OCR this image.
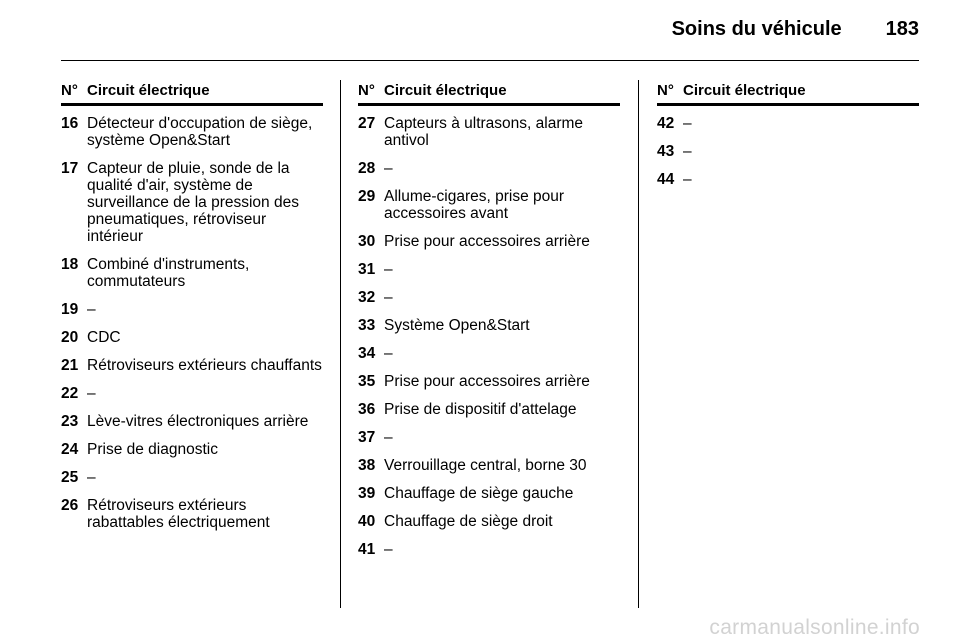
Soins du véhicule 183
N° Circuit électrique
16 Détecteur d'occupation de siège, système Open&Start
17 Capteur de pluie, sonde de la qualité d'air, système de surveillance de la pression des pneumatiques, rétroviseur intérieur
18 Combiné d'instruments, commutateurs
19 –
20 CDC
21 Rétroviseurs extérieurs chauffants
22 –
23 Lève-vitres électroniques arrière
24 Prise de diagnostic
25 –
26 Rétroviseurs extérieurs rabattables électriquement
N° Circuit électrique
27 Capteurs à ultrasons, alarme antivol
28 –
29 Allume-cigares, prise pour accessoires avant
30 Prise pour accessoires arrière
31 –
32 –
33 Système Open&Start
34 –
35 Prise pour accessoires arrière
36 Prise de dispositif d'attelage
37 –
38 Verrouillage central, borne 30
39 Chauffage de siège gauche
40 Chauffage de siège droit
41 –
N° Circuit électrique
42 –
43 –
44 –
carmanualsonline.info
